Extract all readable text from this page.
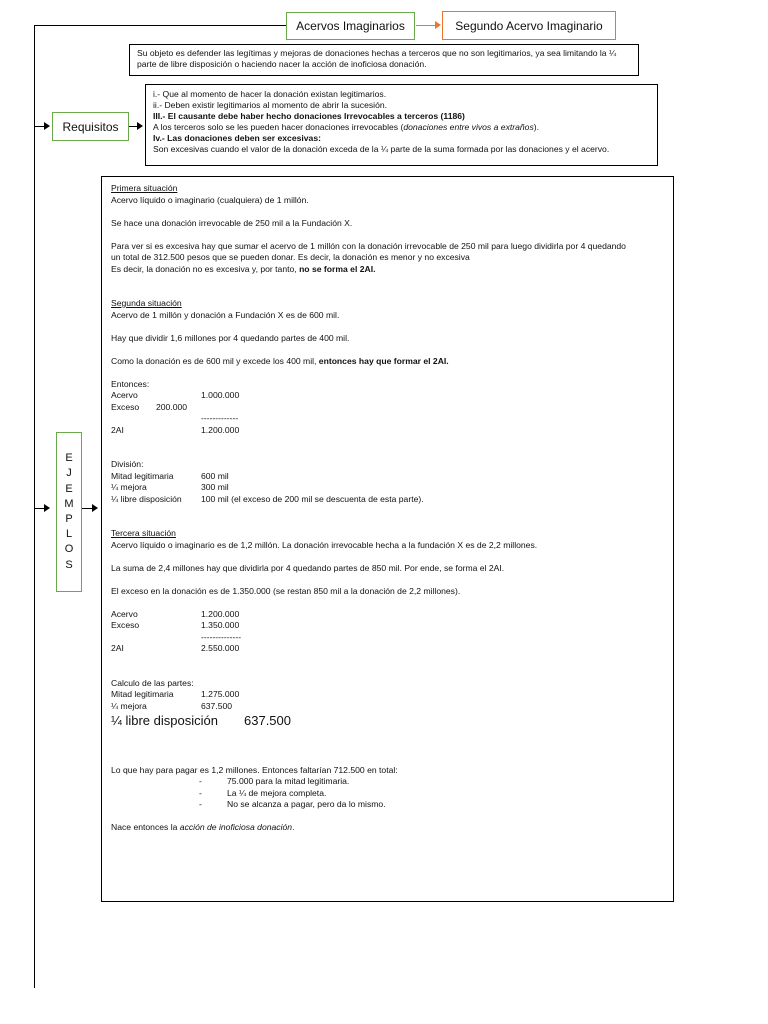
Acervos Imaginarios	Segundo Acervo Imaginario
Su objeto es defender las legítimas y mejoras de donaciones hechas a terceros que no son legitimarios, ya sea limitando la ¼ parte de libre disposición o haciendo nacer la acción de inoficiosa donación.
Requisitos

i.- Que al momento de hacer la donación existan legitimarios.

ii.- Deben existir legitimarios al momento de abrir la sucesión.

III.- El causante debe haber hecho donaciones Irrevocables a terceros (1186)

A los terceros solo se les pueden hacer donaciones irrevocables (donaciones entre vivos a extraños).

Iv.- Las donaciones deben ser excesivas:

Son excesivas cuando el valor de la donación exceda de la ¼ parte de la suma formada por las donaciones y el acervo.

E
J
E
M
P
L
O
S

Primera situación

Acervo líquido o imaginario (cualquiera) de 1 millón.

Se hace una donación irrevocable de 250 mil a la Fundación X.

Para ver si es excesiva hay que sumar el acervo de 1 millón con la donación irrevocable de 250 mil para luego dividirla por 4 quedando

un total de 312.500 pesos que se pueden donar. Es decir, la donación es menor y no excesiva

Es decir, la donación no es excesiva y, por tanto, no se forma el 2AI.

Segunda situación

Acervo de 1 millón y donación a Fundación X es de 600 mil.

Hay que dividir 1,6 millones por 4 quedando partes de 400 mil.

Como la donación es de 600 mil y excede los 400 mil, entonces hay que formar el 2AI.

Entonces:

Acervo	1.000.000
Exceso	200.000
-------------
2AI	1.200.000

División:

Mitad legitimaria	600 mil
¼ mejora	300 mil
¼ libre disposición	100 mil (el exceso de 200 mil se descuenta de esta parte).

Tercera situación

Acervo líquido o imaginario es de 1,2 millón. La donación irrevocable hecha a la fundación X es de 2,2 millones.

La suma de 2,4 millones hay que dividirla por 4 quedando partes de 850 mil. Por ende, se forma el 2AI.

El exceso en la donación es de 1.350.000 (se restan 850 mil a la donación de 2,2 millones).

Acervo	1.200.000
Exceso	1.350.000
--------------
2AI	2.550.000

Calculo de las partes:

Mitad legitimaria	1.275.000
¼ mejora	637.500
¼ libre disposición	637.500

Lo que hay para pagar es 1,2 millones. Entonces faltarían 712.500 en total:

-	75.000 para la mitad legitimaria.
-	La ¼ de mejora completa.
-	No se alcanza a pagar, pero da lo mismo.

Nace entonces la acción de inoficiosa donación.
